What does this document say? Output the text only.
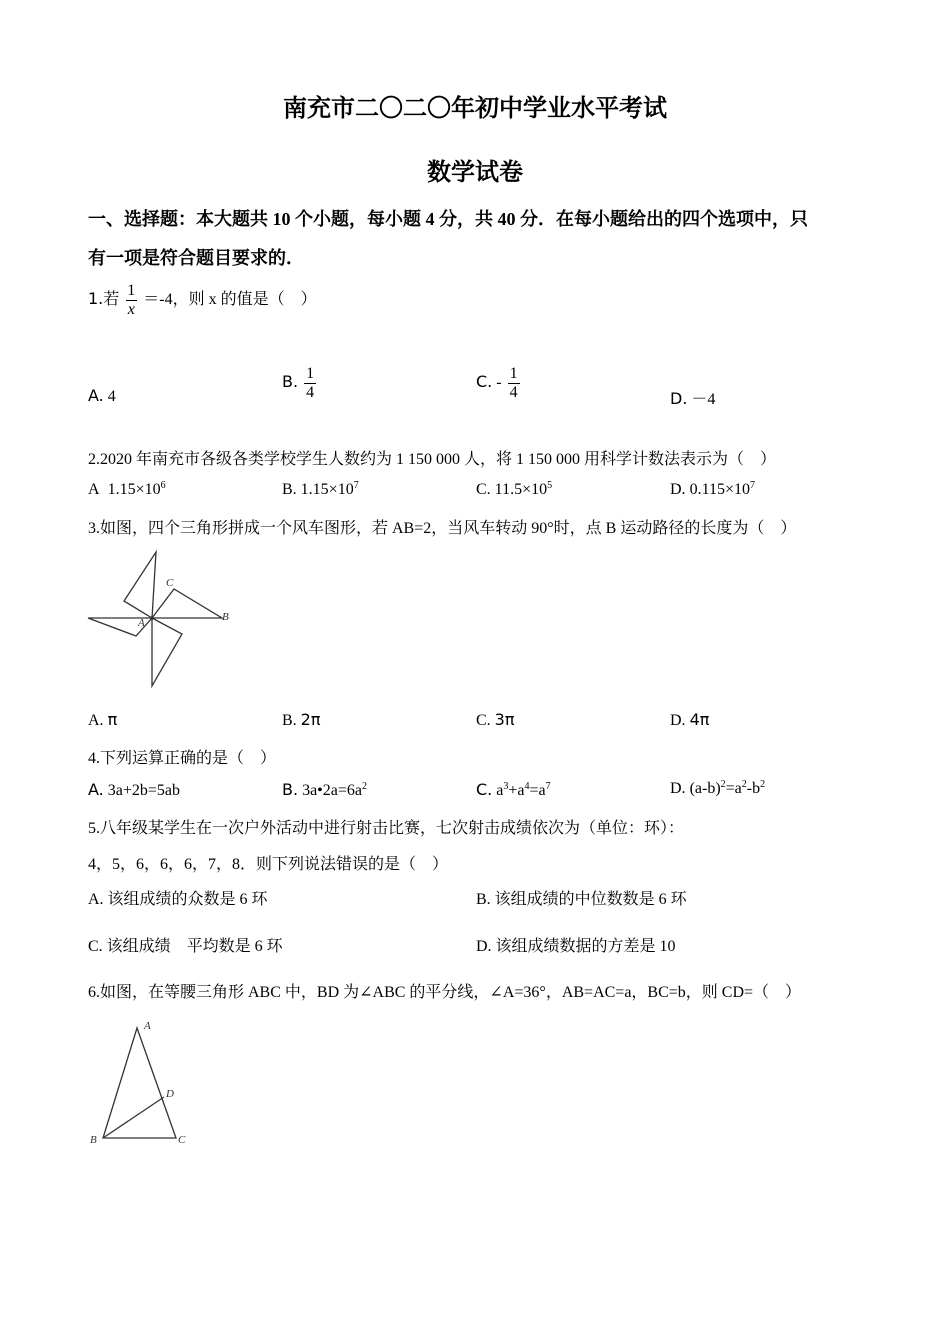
南充市二〇二〇年初中学业水平考试
数学试卷
一、选择题：本大题共 10 个小题，每小题 4 分，共 40 分．在每小题给出的四个选项中，只
有一项是符合题目要求的．
1.若 $\frac{1}{x} =-4$，则 x 的值是（　）
A. 4
B. $\frac{1}{4}$	C. - $\frac{1}{4}$	D. －4
2.2020 年南充市各级各类学校学生人数约为 1 150 000 人，将 1 150 000 用科学计数法表示为（　）
A $1.15\times 10^6$	B. $1.15\times 10^7$	C. $11.5\times 10^5$	D. $0.115\times 10^7$
3.如图，四个三角形拼成一个风车图形，若 AB=2，当风车转动 90°时，点 B 运动路径的长度为（　）
A	B
C
A. π	B. 2π	C. 3π	D. 4π
4.下列运算正确的是（　）
A. 3a+2b=5ab	B. $3a•2a=6a^2$	C. $a^3+a^4=a^7$	D. $(a-b)^2=a^2-b^2$
5.八年级某学生在一次户外活动中进行射击比赛，七次射击成绩依次为（单位：环）：
4，5，6，6，6，7，8．则下列说法错误的是（　）
A. 该组成绩的众数是 6 环	B. 该组成绩的中位数数是 6 环
C. 该组成绩　平均数是 6 环	D. 该组成绩数据的方差是 10
6.如图，在等腰三角形 ABC 中，BD 为∠ABC 的平分线，∠A=36°，AB=AC=a，BC=b，则 CD=（　）
A
B	C
D
